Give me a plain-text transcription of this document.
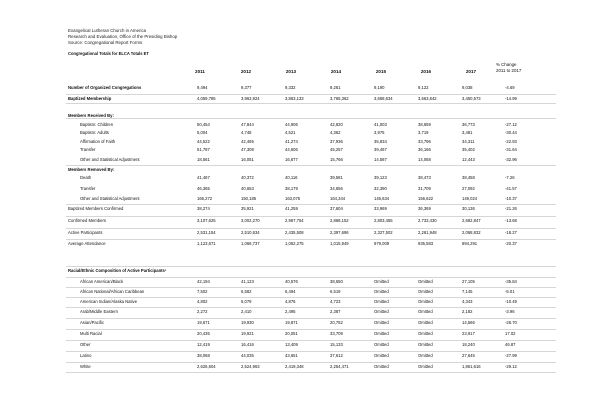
Evangelical Lutheran Church in America
Research and Evaluation, Office of the Presiding Bishop
Source: Congregational Report Forms
Congregational Totals for ELCA Totals ET
2011	2012	2013	2014	2015	2016	2017
% Change
2011 to 2017
Number of Organized Congregations	9,494	9,377	9,332	9,261	9,190	9,122	9,038	-4.69
Baptized Membership	4,059,785	3,963,924	3,863,133	3,765,362	3,668,634	3,563,642	3,450,573	-14.99
Members Received By:
Baptism: Children	50,454	47,844	44,906	42,820	41,003	38,659	36,773	-27.12
Baptism: Adults	5,004	4,748	4,521	4,362	3,975	3,719	3,481	-30.44
Affirmation of Faith	44,522	42,465	41,274	37,936	35,834	33,796	34,311	-22.93
Transfer	51,787	47,308	44,606	45,257	39,467	36,166	35,402	-31.64
Other and Statistical Adjustment	18,561	16,051	16,877	15,766	14,587	14,068	12,443	-32.96
Members Removed By:
Death	41,467	40,372	40,116	39,581	39,123	38,473	38,458	-7.26
Transfer	46,365	40,653	38,179	34,656	32,390	31,709	27,092	-41.57
Other and Statistical Adjustment	166,272	150,185	163,075	164,344	146,634	156,622	149,024	-10.37
Baptized Members Confirmed	38,274	35,921	41,259	37,604	33,969	36,369	30,136	-21.26
Confirmed Members	3,107,625	3,002,270	2,967,754	2,868,152	2,803,455	2,733,430	2,682,847	-13.68
Active Participants	2,531,154	2,510,634	2,435,508	2,397,696	2,327,502	2,261,948	2,068,832	-18.27
Average Attendance	1,123,671	1,066,737	1,062,275	1,015,949	979,009	935,583	894,291	-20.37
Racial/Ethnic Composition of Active Participants¹
African American/Black	42,194	41,123	40,576	38,650	Omitted	Omitted	27,105	-35.84
African National/African Caribbean	7,502	6,582	6,494	6,519	Omitted	Omitted	7,145	-5.01
American Indian/Alaska Native	4,802	5,079	4,876	4,723	Omitted	Omitted	4,343	-10.49
Arab/Middle Eastern	2,272	2,410	2,495	2,387	Omitted	Omitted	2,182	-3.96
Asian/Pacific	19,671	19,930	19,871	20,752	Omitted	Omitted	14,566	-26.70
Multi Racial	20,435	19,921	20,051	33,709	Omitted	Omitted	23,917	17.02
Other	12,419	16,416	13,409	15,133	Omitted	Omitted	18,240	46.87
Latino	38,068	44,035	43,651	37,612	Omitted	Omitted	27,645	-27.99
White	2,626,604	2,524,963	2,419,348	2,254,471	Omitted	Omitted	1,861,616	-29.12
